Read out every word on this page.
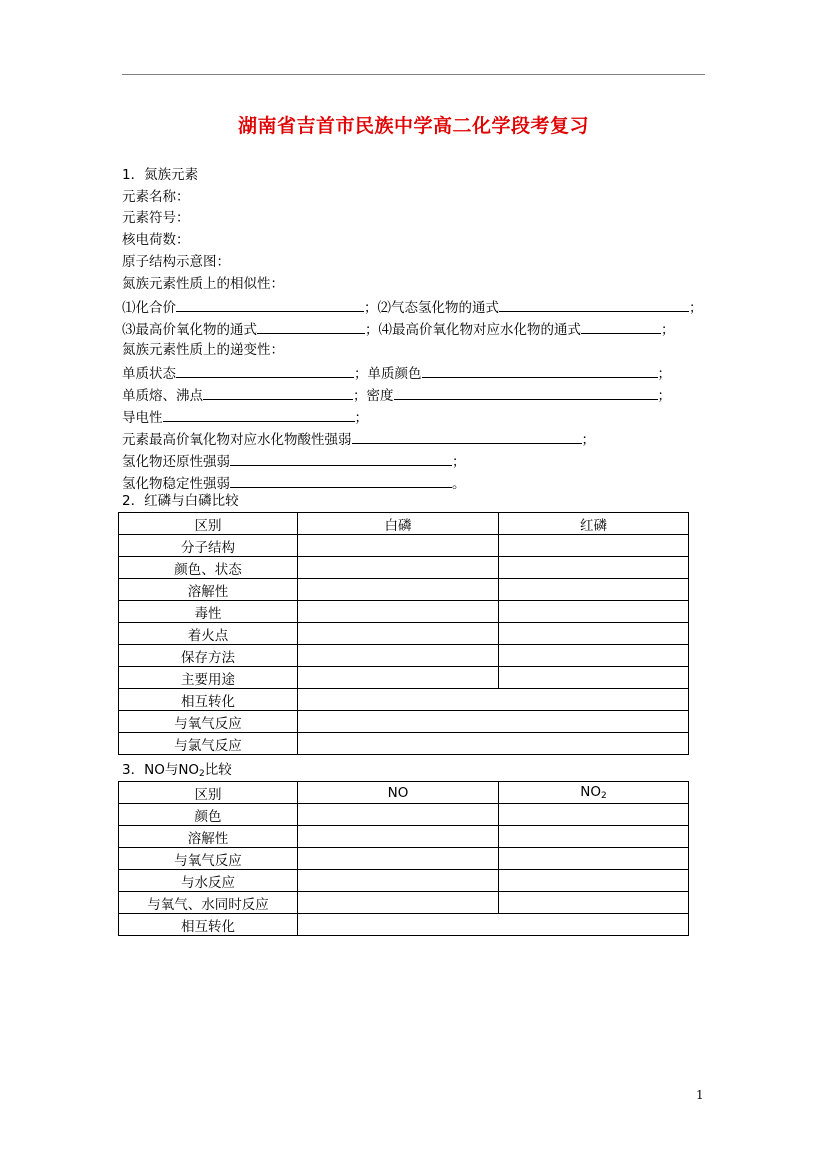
湖南省吉首市民族中学高二化学段考复习
1．氮族元素
元素名称：
元素符号：
核电荷数：
原子结构示意图：
氮族元素性质上的相似性：
⑴化合价	；⑵气态氢化物的通式	；
⑶最高价氧化物的通式	；⑷最高价氧化物对应水化物的通式	；
氮族元素性质上的递变性：
单质状态	；单质颜色	；
单质熔、沸点	；密度	；
导电性	；
元素最高价氧化物对应水化物酸性强弱	；
氢化物还原性强弱	；
氢化物稳定性强弱	。
2．红磷与白磷比较
区别	白磷	红磷
分子结构		
颜色、状态		
溶解性		
毒性		
着火点		
保存方法		
主要用途		
相互转化		
与氧气反应		
与氯气反应		
3．NO与$NO_2$比较
区别	NO	$NO_2$
颜色		
溶解性		
与氧气反应		
与水反应		
与氧气、水同时反应		
相互转化		
1
